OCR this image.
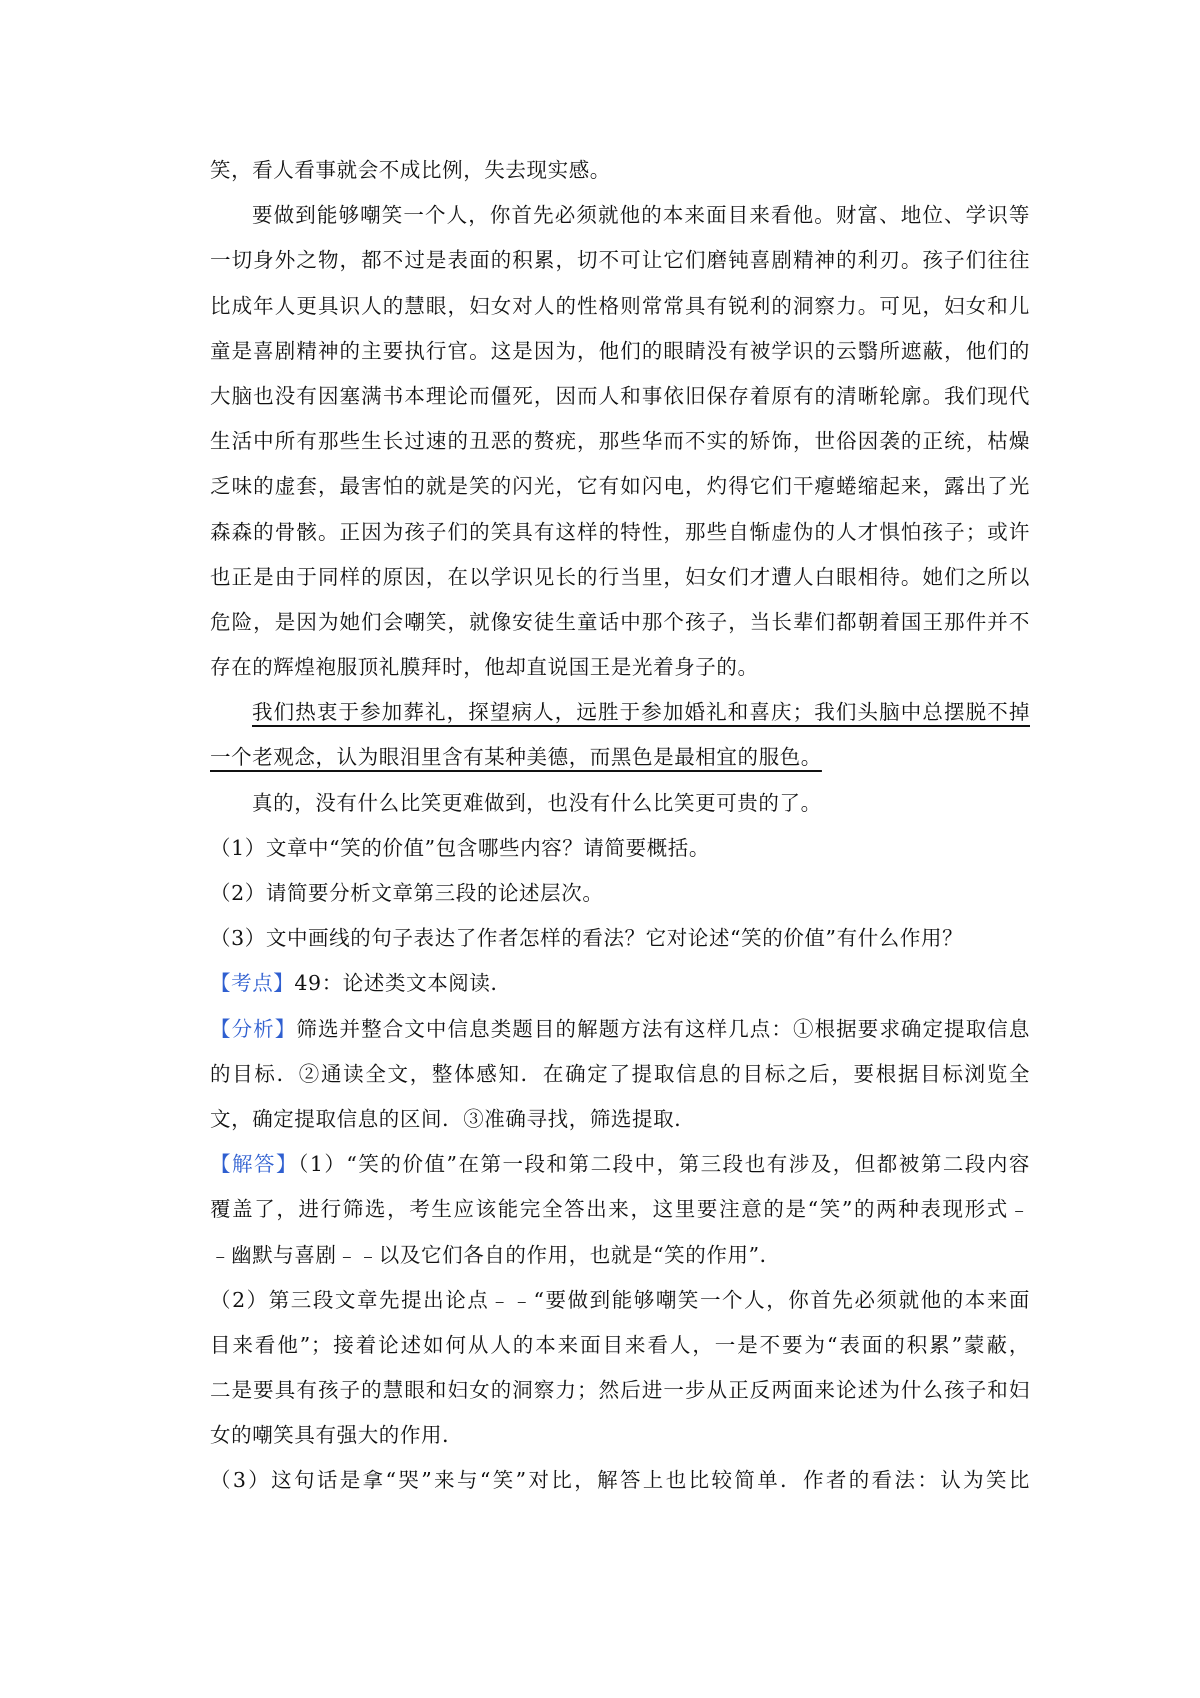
笑，看人看事就会不成比例，失去现实感。
要做到能够嘲笑一个人，你首先必须就他的本来面目来看他。财富、地位、学识等
一切身外之物，都不过是表面的积累，切不可让它们磨钝喜剧精神的利刃。孩子们往往
比成年人更具识人的慧眼，妇女对人的性格则常常具有锐利的洞察力。可见，妇女和儿
童是喜剧精神的主要执行官。这是因为，他们的眼睛没有被学识的云翳所遮蔽，他们的
大脑也没有因塞满书本理论而僵死，因而人和事依旧保存着原有的清晰轮廓。我们现代
生活中所有那些生长过速的丑恶的赘疣，那些华而不实的矫饰，世俗因袭的正统，枯燥
乏味的虚套，最害怕的就是笑的闪光，它有如闪电，灼得它们干瘪蜷缩起来，露出了光
森森的骨骸。正因为孩子们的笑具有这样的特性，那些自惭虚伪的人才惧怕孩子；或许
也正是由于同样的原因，在以学识见长的行当里，妇女们才遭人白眼相待。她们之所以
危险，是因为她们会嘲笑，就像安徒生童话中那个孩子，当长辈们都朝着国王那件并不
存在的辉煌袍服顶礼膜拜时，他却直说国王是光着身子的。
我们热衷于参加葬礼，探望病人，远胜于参加婚礼和喜庆；我们头脑中总摆脱不掉
一个老观念，认为眼泪里含有某种美德，而黑色是最相宜的服色。
真的，没有什么比笑更难做到，也没有什么比笑更可贵的了。
（1）文章中“笑的价值”包含哪些内容？请简要概括。
（2）请简要分析文章第三段的论述层次。
（3）文中画线的句子表达了作者怎样的看法？它对论述“笑的价值”有什么作用？
【考点】49：论述类文本阅读．
【分析】筛选并整合文中信息类题目的解题方法有这样几点：①根据要求确定提取信息
的目标．②通读全文，整体感知．在确定了提取信息的目标之后，要根据目标浏览全
文，确定提取信息的区间．③准确寻找，筛选提取．
【解答】（1）“笑的价值”在第一段和第二段中，第三段也有涉及，但都被第二段内容
覆盖了，进行筛选，考生应该能完全答出来，这里要注意的是“笑”的两种表现形式﹣
﹣幽默与喜剧﹣﹣以及它们各自的作用，也就是“笑的作用”．
（2）第三段文章先提出论点﹣﹣“要做到能够嘲笑一个人，你首先必须就他的本来面
目来看他”；接着论述如何从人的本来面目来看人，一是不要为“表面的积累”蒙蔽，
二是要具有孩子的慧眼和妇女的洞察力；然后进一步从正反两面来论述为什么孩子和妇
女的嘲笑具有强大的作用．
（3）这句话是拿“哭”来与“笑”对比，解答上也比较简单．作者的看法：认为笑比
